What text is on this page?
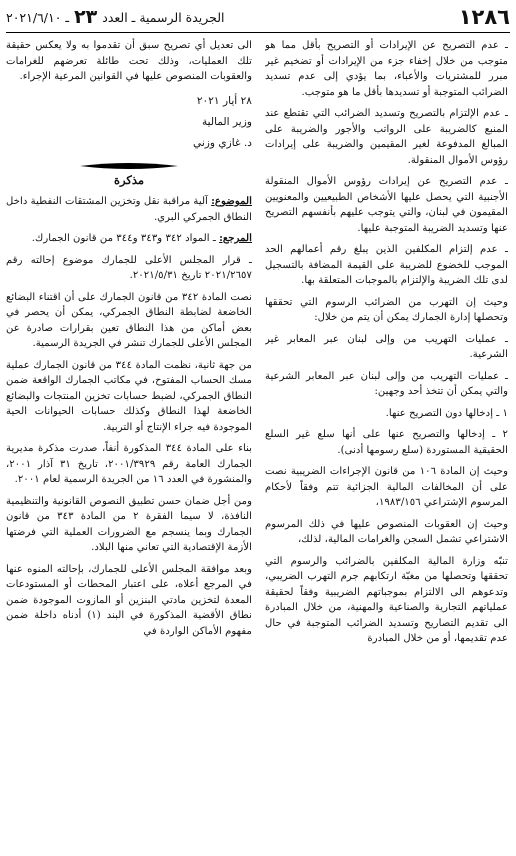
١٢٨٦
الجريدة الرسمية ـ العدد
٢٣
ـ ٢٠٢١/٦/١٠

ـ عدم التصريح عن الإيرادات أو التصريح بأقل مما هو متوجب من خلال إخفاء جزء من الإيرادات أو تضخيم غير مبرر للمشتريات والأعباء، بما يؤدي إلى عدم تسديد الضرائب المتوجبة أو تسديدها بأقل ما هو متوجب.

ـ عدم الإلتزام بالتصريح وتسديد الضرائب التي تقتطع عند المنبع كالضريبة على الرواتب والأجور والضريبة على المبالغ المدفوعة لغير المقيمين والضريبة على إيرادات رؤوس الأموال المنقولة.

ـ عدم التصريح عن إيرادات رؤوس الأموال المنقولة الأجنبية التي يحصل عليها الأشخاص الطبيعيين والمعنويين المقيمون في لبنان، والتي يتوجب عليهم بأنفسهم التصريح عنها وتسديد الضريبة المتوجبة عليها.

ـ عدم إلتزام المكلفين الذين يبلغ رقم أعمالهم الحد الموجب للخضوع للضريبة على القيمة المضافة بالتسجيل لدى تلك الضريبة والإلتزام بالموجبات المتعلقة بها.

وحيث إن التهرب من الضرائب الرسوم التي تحققها وتحصلها إدارة الجمارك يمكن أن يتم من خلال:

ـ عمليات التهريب من وإلى لبنان عبر المعابر غير الشرعية.

ـ عمليات التهريب من وإلى لبنان عبر المعابر الشرعية والتي يمكن أن تتخذ أحد وجهين:

١ ـ إدخالها دون التصريح عنها.

٢ ـ إدخالها والتصريح عنها على أنها سلع غير السلع الحقيقية المستوردة (سلع رسومها أدنى).

وحيث إن المادة ١٠٦ من قانون الإجراءات الضريبية نصت على أن المخالفات المالية الجزائية تتم وفقاً لأحكام المرسوم الإشتراعي ١٩٨٣/١٥٦،

وحيث إن العقوبات المنصوص عليها في ذلك المرسوم الاشتراعي تشمل السجن والغرامات المالية، لذلك،

تنبّه وزارة المالية المكلفين بالضرائب والرسوم التي تحققها وتحصلها من مغبّة ارتكابهم جرم التهرب الضريبي، وتدعوهم الى الالتزام بموجباتهم الضريبية وفقاً لحقيقة عملياتهم التجارية والصناعية والمهنية، من خلال المبادرة الى تقديم التصاريح وتسديد الضرائب المتوجبة في حال عدم تقديمها، أو من خلال المبادرة

الى تعديل أي تصريح سبق أن تقدموا به ولا يعكس حقيقة تلك العمليات، وذلك تحت طائلة تعرضهم للغرامات والعقوبات المنصوص عليها في القوانين المرعية الإجراء.

٢٨ أيار ٢٠٢١

وزير المالية

د. غازي وزني

مذكرة

الموضوع: آلية مراقبة نقل وتخزين المشتقات النفطية داخل النطاق الجمركي البري.

المرجع: ـ المواد ٣٤٢ و٣٤٣ و٣٤٤ من قانون الجمارك.

ـ قرار المجلس الأعلى للجمارك موضوع إحالته رقم ٢٠٢١/٢٦٥٧ تاريخ ٢٠٢١/٥/٣١.

نصت المادة ٣٤٢ من قانون الجمارك على أن اقتناء البضائع الخاضعة لضابطة النطاق الجمركي، يمكن أن يحصر في بعض أماكن من هذا النطاق تعين بقرارات صادرة عن المجلس الأعلى للجمارك تنشر في الجريدة الرسمية.

من جهة ثانية، نظمت المادة ٣٤٤ من قانون الجمارك عملية مسك الحساب المفتوح، في مكاتب الجمارك الواقعة ضمن النطاق الجمركي، لضبط حسابات تخزين المنتجات والبضائع الخاضعة لهذا النطاق وكذلك حسابات الحيوانات الحية الموجودة فيه جراء الإنتاج أو التربية.

بناء على المادة ٣٤٤ المذكورة أنفاً، صدرت مذكرة مديرية الجمارك العامة رقم ٢٠٠١/٣٩٢٩، تاريخ ٣١ آذار ٢٠٠١، والمنشورة في العدد ١٦ من الجريدة الرسمية لعام ٢٠٠١.

ومن أجل ضمان حسن تطبيق النصوص القانونية والتنظيمية النافذة، لا سيما الفقرة ٢ من المادة ٣٤٣ من قانون الجمارك وبما ينسجم مع الضرورات العملية التي فرضتها الأزمة الإقتصادية التي تعاني منها البلاد.

وبعد موافقة المجلس الأعلى للجمارك، بإحالته المنوه عنها في المرجع أعلاه، على اعتبار المحطات أو المستودعات المعدة لتخزين مادتي البنزين أو المازوت الموجودة ضمن نطاق الأقضية المذكورة في البند (١) أدناه داخلة ضمن مفهوم الأماكن الواردة في
